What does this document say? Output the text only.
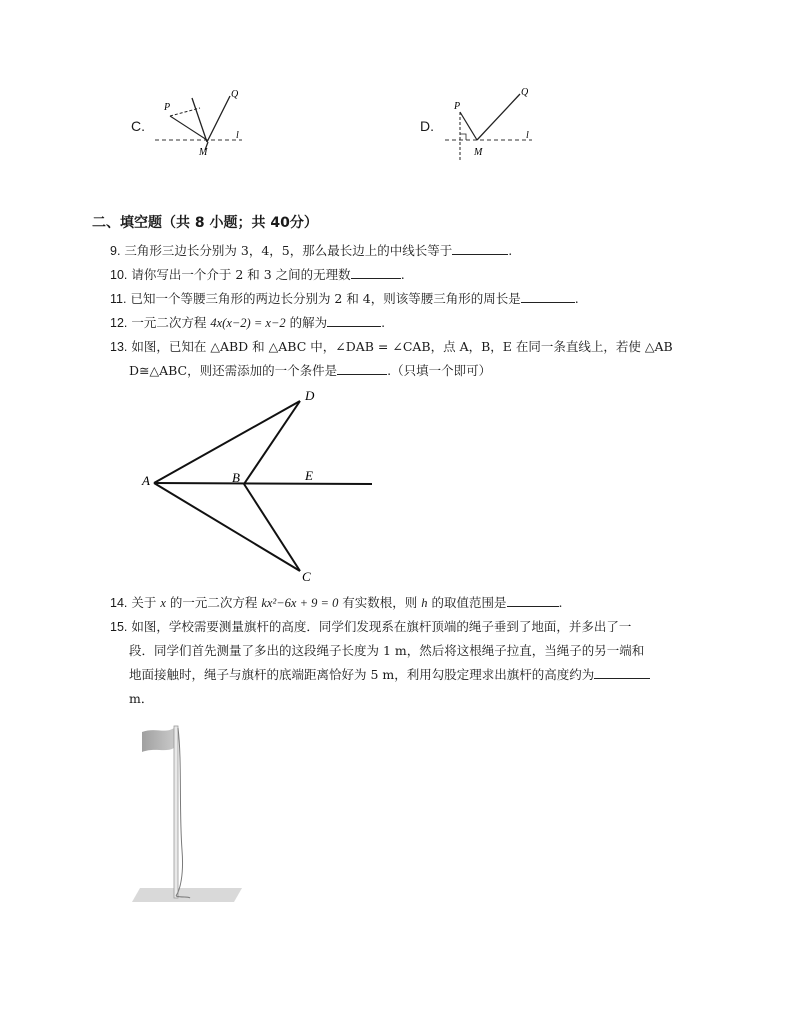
C.
P
Q
M
l
D.
P
Q
M
l
二、填空题（共 8 小题；共 40分）
9. 三角形三边长分别为 3，4，5，那么最长边上的中线长等于	.
10. 请你写出一个介于 2 和 3 之间的无理数	.
11. 已知一个等腰三角形的两边长分别为 2 和 4，则该等腰三角形的周长是	.
12. 一元二次方程 4x(x−2) = x−2 的解为	.
13. 如图，已知在 △ABD 和 △ABC 中，∠DAB = ∠CAB，点 A，B，E 在同一条直线上，若使 △AB
D≅△ABC，则还需添加的一个条件是	.（只填一个即可）
A	B	E
D
C
14. 关于 x 的一元二次方程 kx²−6x + 9 = 0 有实数根，则 h 的取值范围是	.
15. 如图，学校需要测量旗杆的高度．同学们发现系在旗杆顶端的绳子垂到了地面，并多出了一
段．同学们首先测量了多出的这段绳子长度为 1 m，然后将这根绳子拉直，当绳子的另一端和
地面接触时，绳子与旗杆的底端距离恰好为 5 m，利用勾股定理求出旗杆的高度约为
m．
